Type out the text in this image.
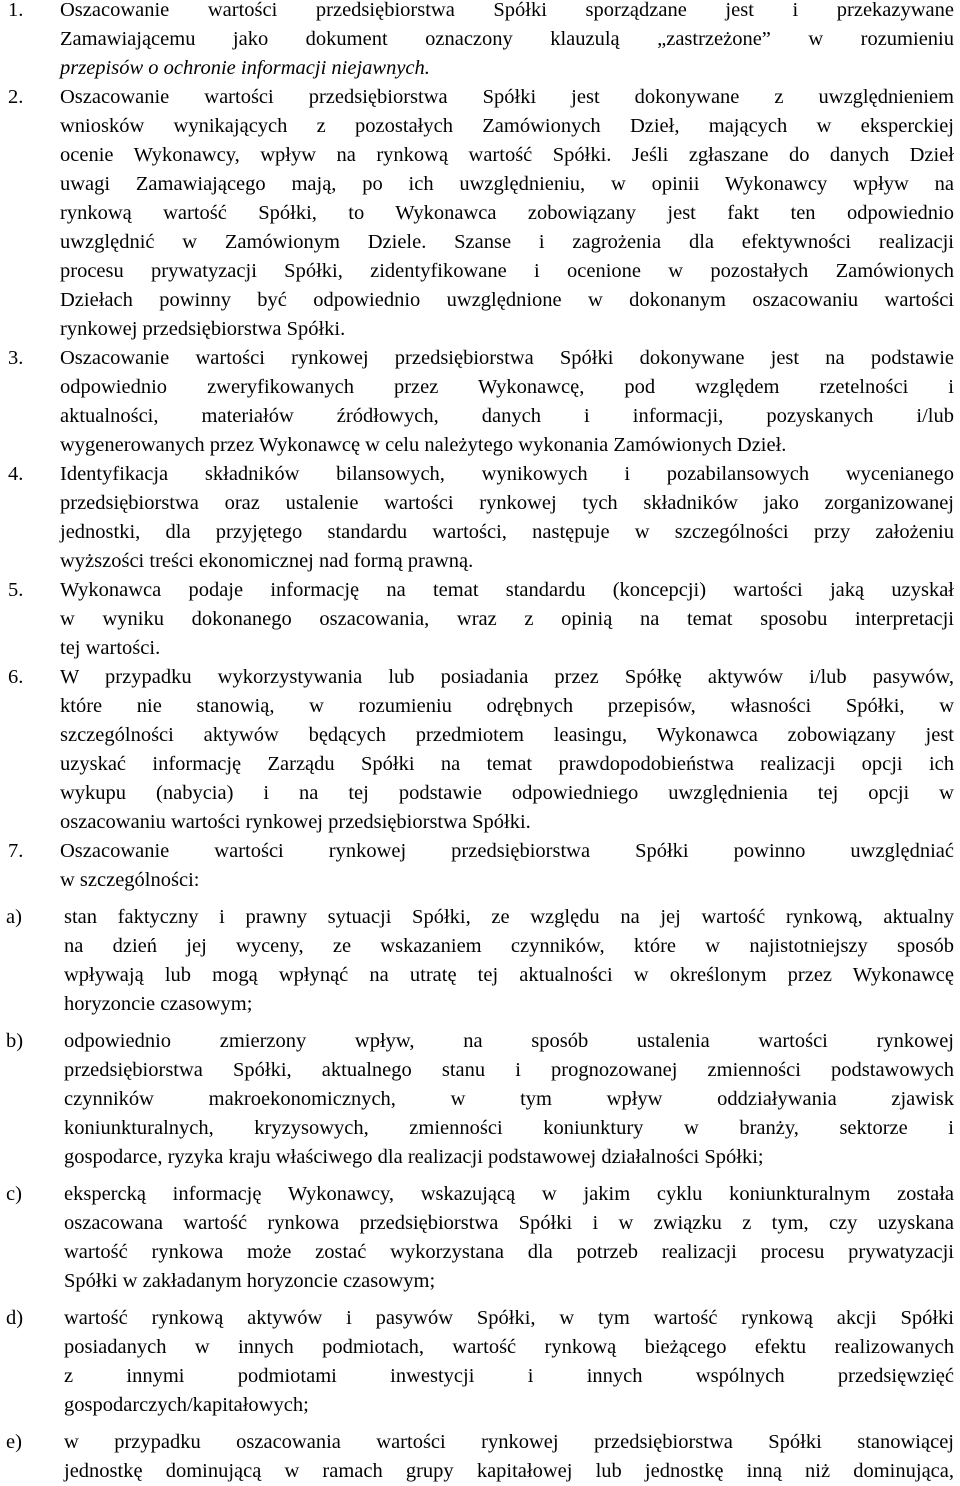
1.	Oszacowanie wartości przedsiębiorstwa Spółki sporządzane jest i przekazywane
Zamawiającemu jako dokument oznaczony klauzulą „zastrzeżone” w rozumieniu
przepisów o ochronie informacji niejawnych.
2.	Oszacowanie wartości przedsiębiorstwa Spółki jest dokonywane z uwzględnieniem
wniosków wynikających z pozostałych Zamówionych Dzieł, mających w eksperckiej
ocenie Wykonawcy, wpływ na rynkową wartość Spółki. Jeśli zgłaszane do danych Dzieł
uwagi Zamawiającego mają, po ich uwzględnieniu, w opinii Wykonawcy wpływ na
rynkową wartość Spółki, to Wykonawca zobowiązany jest fakt ten odpowiednio
uwzględnić w Zamówionym Dziele. Szanse i zagrożenia dla efektywności realizacji
procesu prywatyzacji Spółki, zidentyfikowane i ocenione w pozostałych Zamówionych
Dziełach powinny być odpowiednio uwzględnione w dokonanym oszacowaniu wartości
rynkowej przedsiębiorstwa Spółki.
3.	Oszacowanie wartości rynkowej przedsiębiorstwa Spółki dokonywane jest na podstawie
odpowiednio zweryfikowanych przez Wykonawcę, pod względem rzetelności i
aktualności, materiałów źródłowych, danych i informacji, pozyskanych i/lub
wygenerowanych przez Wykonawcę w celu należytego wykonania Zamówionych Dzieł.
4.	Identyfikacja składników bilansowych, wynikowych i pozabilansowych wycenianego
przedsiębiorstwa oraz ustalenie wartości rynkowej tych składników jako zorganizowanej
jednostki, dla przyjętego standardu wartości, następuje w szczególności przy założeniu
wyższości treści ekonomicznej nad formą prawną.
5.	Wykonawca podaje informację na temat standardu (koncepcji) wartości jaką uzyskał
w wyniku dokonanego oszacowania, wraz z opinią na temat sposobu interpretacji
tej wartości.
6.	W przypadku wykorzystywania lub posiadania przez Spółkę aktywów i/lub pasywów,
które nie stanowią, w rozumieniu odrębnych przepisów, własności Spółki, w
szczególności aktywów będących przedmiotem leasingu, Wykonawca zobowiązany jest
uzyskać informację Zarządu Spółki na temat prawdopodobieństwa realizacji opcji ich
wykupu (nabycia) i na tej podstawie odpowiedniego uwzględnienia tej opcji w
oszacowaniu wartości rynkowej przedsiębiorstwa Spółki.
7.	Oszacowanie wartości rynkowej przedsiębiorstwa Spółki powinno uwzględniać
w szczególności:
a)	stan faktyczny i prawny sytuacji Spółki, ze względu na jej wartość rynkową, aktualny
na dzień jej wyceny, ze wskazaniem czynników, które w najistotniejszy sposób
wpływają lub mogą wpłynąć na utratę tej aktualności w określonym przez Wykonawcę
horyzoncie czasowym;
b)	odpowiednio zmierzony wpływ, na sposób ustalenia wartości rynkowej
przedsiębiorstwa Spółki, aktualnego stanu i prognozowanej zmienności podstawowych
czynników makroekonomicznych, w tym wpływ oddziaływania zjawisk
koniunkturalnych, kryzysowych, zmienności koniunktury w branży, sektorze i
gospodarce, ryzyka kraju właściwego dla realizacji podstawowej działalności Spółki;
c)	ekspercką informację Wykonawcy, wskazującą w jakim cyklu koniunkturalnym została
oszacowana wartość rynkowa przedsiębiorstwa Spółki i w związku z tym, czy uzyskana
wartość rynkowa może zostać wykorzystana dla potrzeb realizacji procesu prywatyzacji
Spółki w zakładanym horyzoncie czasowym;
d)	wartość rynkową aktywów i pasywów Spółki, w tym wartość rynkową akcji Spółki
posiadanych w innych podmiotach, wartość rynkową bieżącego efektu realizowanych
z innymi podmiotami inwestycji i innych wspólnych przedsięwzięć
gospodarczych/kapitałowych;
e)	w przypadku oszacowania wartości rynkowej przedsiębiorstwa Spółki stanowiącej
jednostkę dominującą w ramach grupy kapitałowej lub jednostkę inną niż dominująca,
